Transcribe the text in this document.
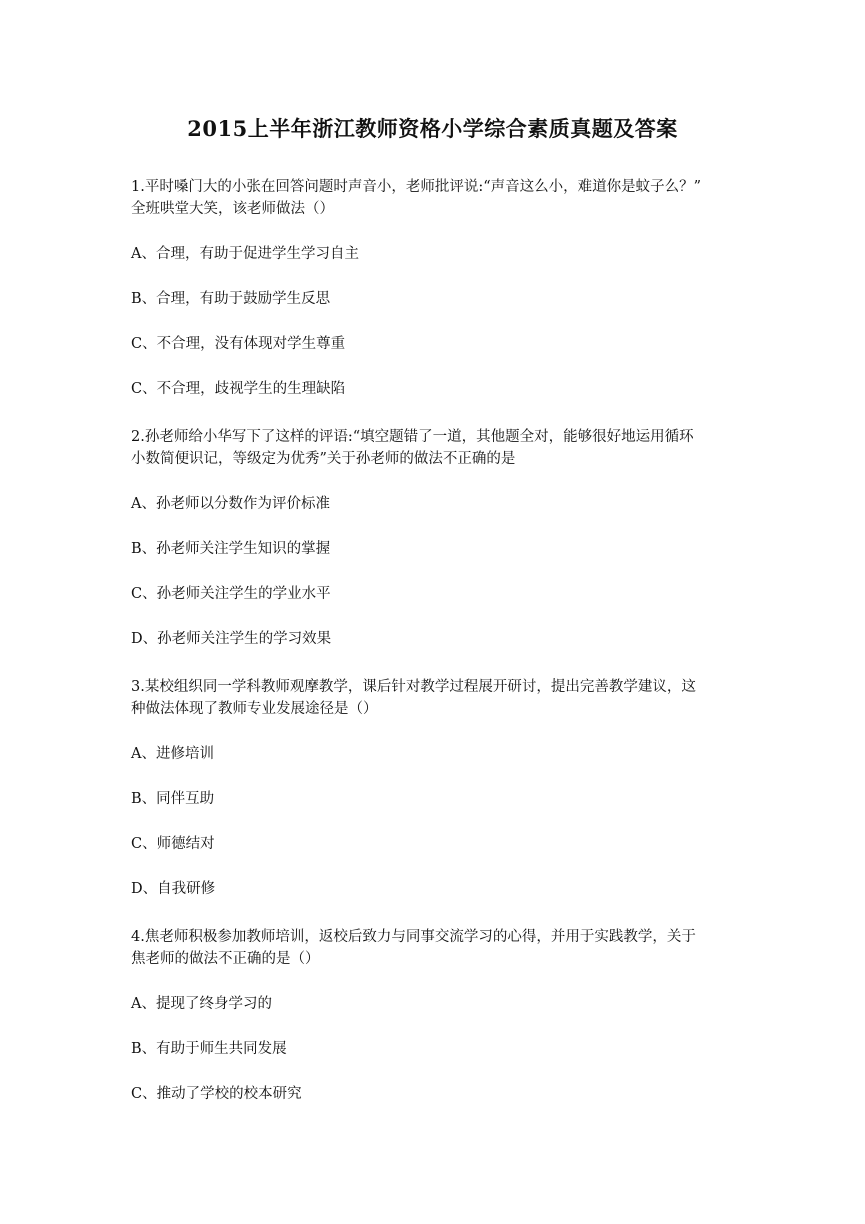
2015上半年浙江教师资格小学综合素质真题及答案
1.平时嗓门大的小张在回答问题时声音小，老师批评说:“声音这么小，难道你是蚊子么？”
全班哄堂大笑，该老师做法（）
A、合理，有助于促进学生学习自主
B、合理，有助于鼓励学生反思
C、不合理，没有体现对学生尊重
C、不合理，歧视学生的生理缺陷
2.孙老师给小华写下了这样的评语:“填空题错了一道，其他题全对，能够很好地运用循环
小数简便识记，等级定为优秀”关于孙老师的做法不正确的是
A、孙老师以分数作为评价标准
B、孙老师关注学生知识的掌握
C、孙老师关注学生的学业水平
D、孙老师关注学生的学习效果
3.某校组织同一学科教师观摩教学，课后针对教学过程展开研讨，提出完善教学建议，这
种做法体现了教师专业发展途径是（）
A、进修培训
B、同伴互助
C、师德结对
D、自我研修
4.焦老师积极参加教师培训，返校后致力与同事交流学习的心得，并用于实践教学，关于
焦老师的做法不正确的是（）
A、提现了终身学习的
B、有助于师生共同发展
C、推动了学校的校本研究
